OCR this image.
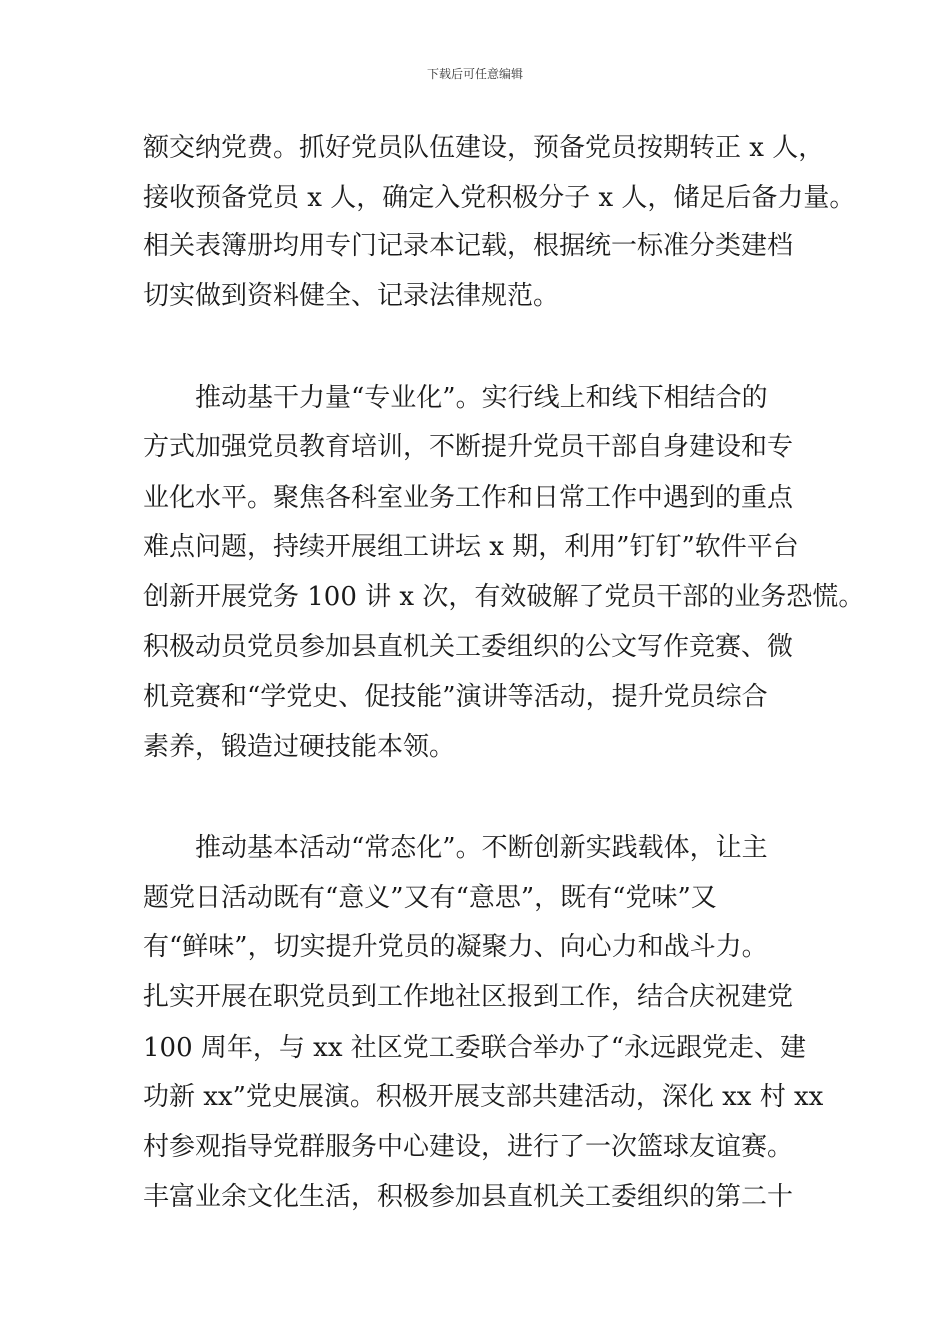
下载后可任意编辑
额交纳党费。抓好党员队伍建设，预备党员按期转正 x 人，
接收预备党员 x 人，确定入党积极分子 x 人，储足后备力量。
相关表簿册均用专门记录本记载，根据统一标准分类建档
切实做到资料健全、记录法律规范。
推动基干力量“专业化”。实行线上和线下相结合的
方式加强党员教育培训，不断提升党员干部自身建设和专
业化水平。聚焦各科室业务工作和日常工作中遇到的重点
难点问题，持续开展组工讲坛 x 期，利用”钉钉”软件平台
创新开展党务 100 讲 x 次，有效破解了党员干部的业务恐慌。
积极动员党员参加县直机关工委组织的公文写作竞赛、微
机竞赛和“学党史、促技能”演讲等活动，提升党员综合
素养，锻造过硬技能本领。
推动基本活动“常态化”。不断创新实践载体，让主
题党日活动既有“意义”又有“意思”，既有“党味”又
有“鲜味”，切实提升党员的凝聚力、向心力和战斗力。
扎实开展在职党员到工作地社区报到工作，结合庆祝建党
100 周年，与 xx 社区党工委联合举办了“永远跟党走、建
功新 xx”党史展演。积极开展支部共建活动，深化 xx 村 xx
村参观指导党群服务中心建设，进行了一次篮球友谊赛。
丰富业余文化生活，积极参加县直机关工委组织的第二十
